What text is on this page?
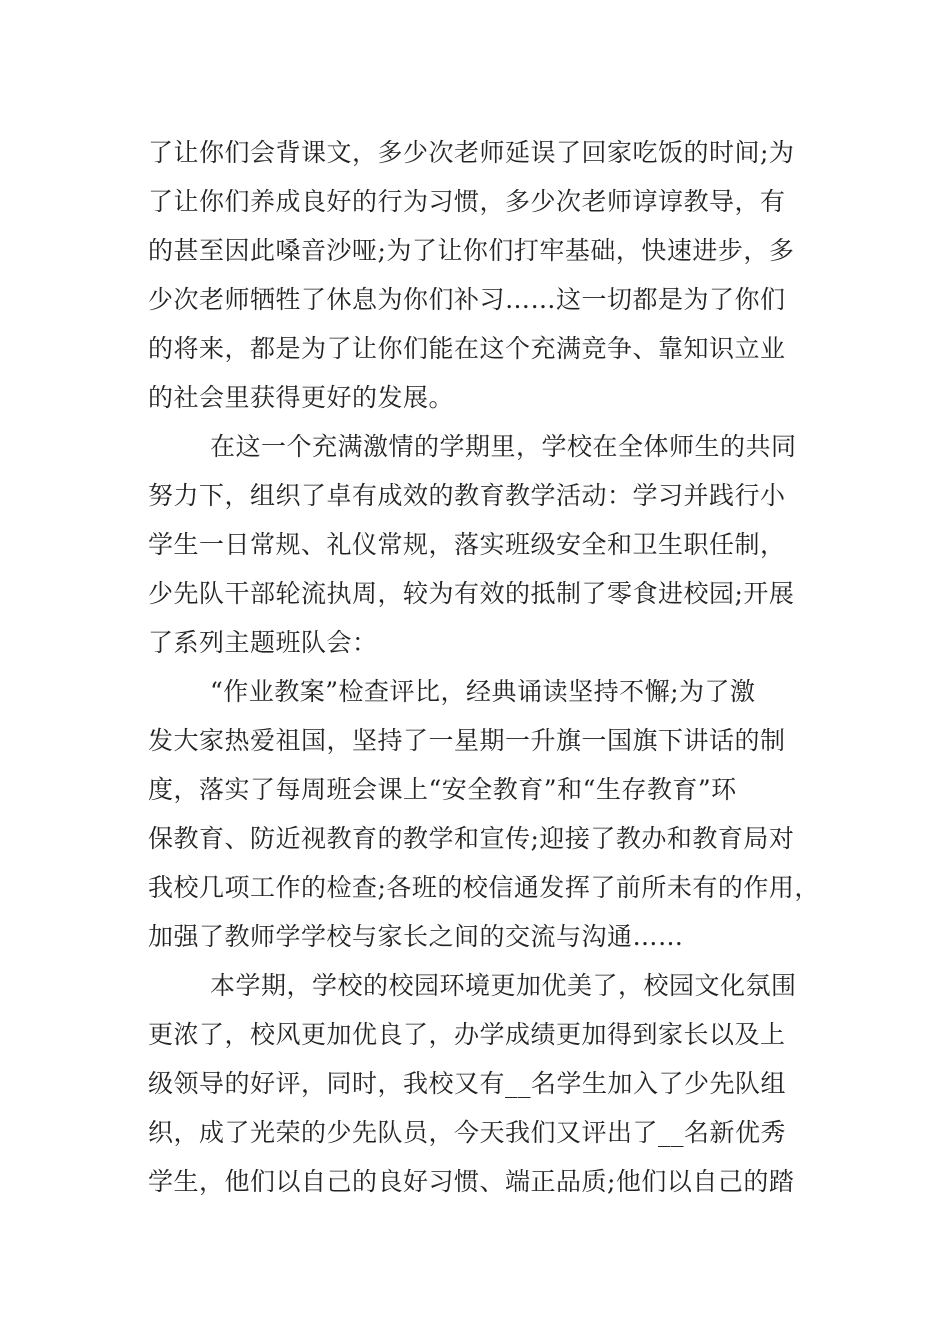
了让你们会背课文，多少次老师延误了回家吃饭的时间;为
了让你们养成良好的行为习惯，多少次老师谆谆教导，有
的甚至因此嗓音沙哑;为了让你们打牢基础，快速进步，多
少次老师牺牲了休息为你们补习……这一切都是为了你们
的将来，都是为了让你们能在这个充满竞争、靠知识立业
的社会里获得更好的发展。
在这一个充满激情的学期里，学校在全体师生的共同
努力下，组织了卓有成效的教育教学活动：学习并践行小
学生一日常规、礼仪常规，落实班级安全和卫生职任制，
少先队干部轮流执周，较为有效的抵制了零食进校园;开展
了系列主题班队会：
“作业教案”检查评比，经典诵读坚持不懈;为了激
发大家热爱祖国，坚持了一星期一升旗一国旗下讲话的制
度，落实了每周班会课上“安全教育”和“生存教育”环
保教育、防近视教育的教学和宣传;迎接了教办和教育局对
我校几项工作的检查;各班的校信通发挥了前所未有的作用，
加强了教师学学校与家长之间的交流与沟通……
本学期，学校的校园环境更加优美了，校园文化氛围
更浓了，校风更加优良了，办学成绩更加得到家长以及上
级领导的好评，同时，我校又有__名学生加入了少先队组
织，成了光荣的少先队员，今天我们又评出了__名新优秀
学生，他们以自己的良好习惯、端正品质;他们以自己的踏
